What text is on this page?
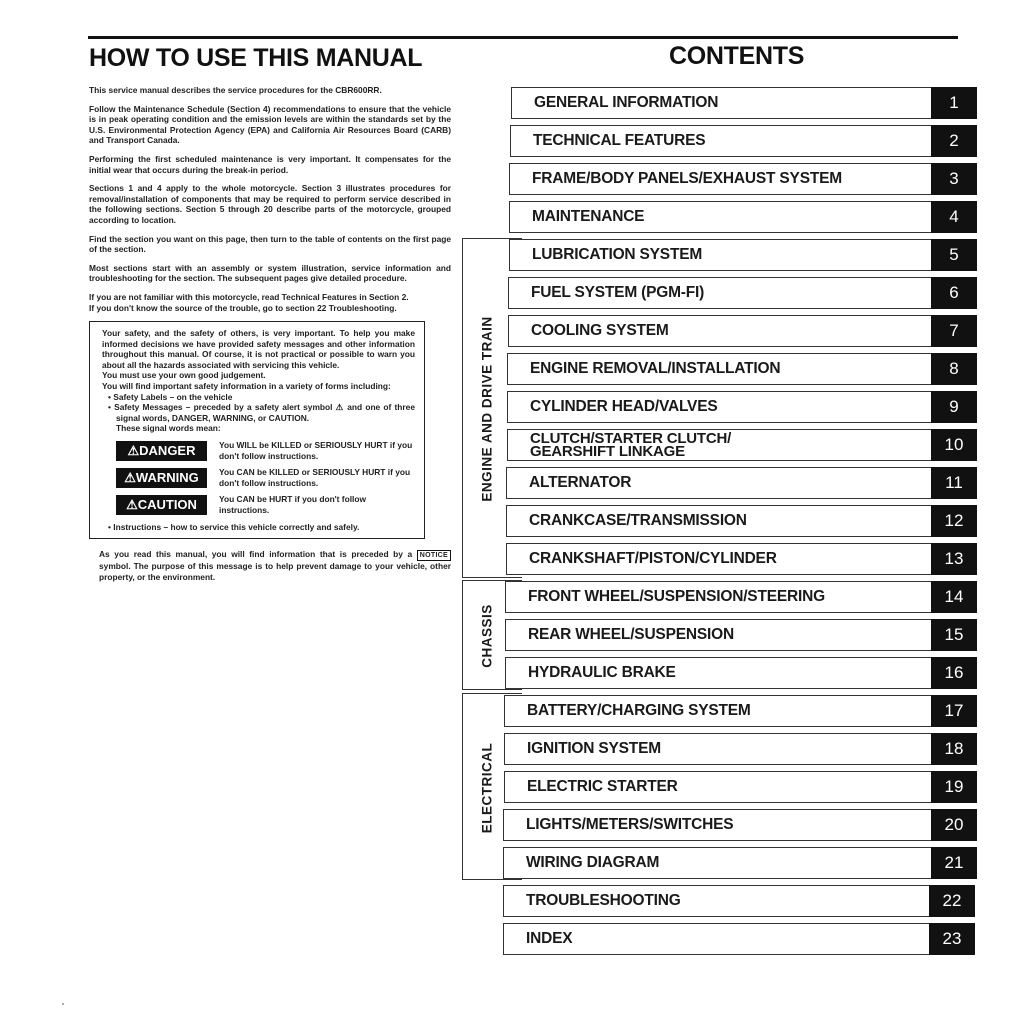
HOW TO USE THIS MANUAL

This service manual describes the service procedures for the CBR600RR.

Follow the Maintenance Schedule (Section 4) recommendations to ensure that the vehicle is in peak operating condition and the emission levels are within the standards set by the U.S. Environmental Protection Agency (EPA) and California Air Resources Board (CARB) and Transport Canada.

Performing the first scheduled maintenance is very important. It compensates for the initial wear that occurs during the break-in period.

Sections 1 and 4 apply to the whole motorcycle. Section 3 illustrates procedures for removal/installation of components that may be required to perform service described in the following sections. Section 5 through 20 describe parts of the motorcycle, grouped according to location.

Find the section you want on this page, then turn to the table of contents on the first page of the section.

Most sections start with an assembly or system illustration, service information and troubleshooting for the section. The subsequent pages give detailed procedure.

If you are not familiar with this motorcycle, read Technical Features in Section 2.

If you don't know the source of the trouble, go to section 22 Troubleshooting.

Your safety, and the safety of others, is very important. To help you make informed decisions we have provided safety messages and other information throughout this manual. Of course, it is not practical or possible to warn you about all the hazards associated with servicing this vehicle.

You must use your own good judgement.

You will find important safety information in a variety of forms including:

• Safety Labels – on the vehicle
• Safety Messages – preceded by a safety alert symbol ⚠ and one of three signal words, DANGER, WARNING, or CAUTION.
These signal words mean:
⚠DANGER	You WILL be KILLED or SERIOUSLY HURT if you don't follow instructions.
⚠WARNING	You CAN be KILLED or SERIOUSLY HURT if you don't follow instructions.
⚠CAUTION	You CAN be HURT if you don't follow instructions.
• Instructions – how to service this vehicle correctly and safely.

As you read this manual, you will find information that is preceded by a NOTICE symbol. The purpose of this message is to help prevent damage to your vehicle, other property, or the environment.

CONTENTS
ENGINE AND DRIVE TRAIN
CHASSIS
ELECTRICAL
GENERAL INFORMATION	1
TECHNICAL FEATURES	2
FRAME/BODY PANELS/EXHAUST SYSTEM	3
MAINTENANCE	4
LUBRICATION SYSTEM	5
FUEL SYSTEM (PGM-FI)	6
COOLING SYSTEM	7
ENGINE REMOVAL/INSTALLATION	8
CYLINDER HEAD/VALVES	9
CLUTCH/STARTER CLUTCH/
GEARSHIFT LINKAGE	10
ALTERNATOR	11
CRANKCASE/TRANSMISSION	12
CRANKSHAFT/PISTON/CYLINDER	13
FRONT WHEEL/SUSPENSION/STEERING	14
REAR WHEEL/SUSPENSION	15
HYDRAULIC BRAKE	16
BATTERY/CHARGING SYSTEM	17
IGNITION SYSTEM	18
ELECTRIC STARTER	19
LIGHTS/METERS/SWITCHES	20
WIRING DIAGRAM	21
TROUBLESHOOTING	22
INDEX	23
